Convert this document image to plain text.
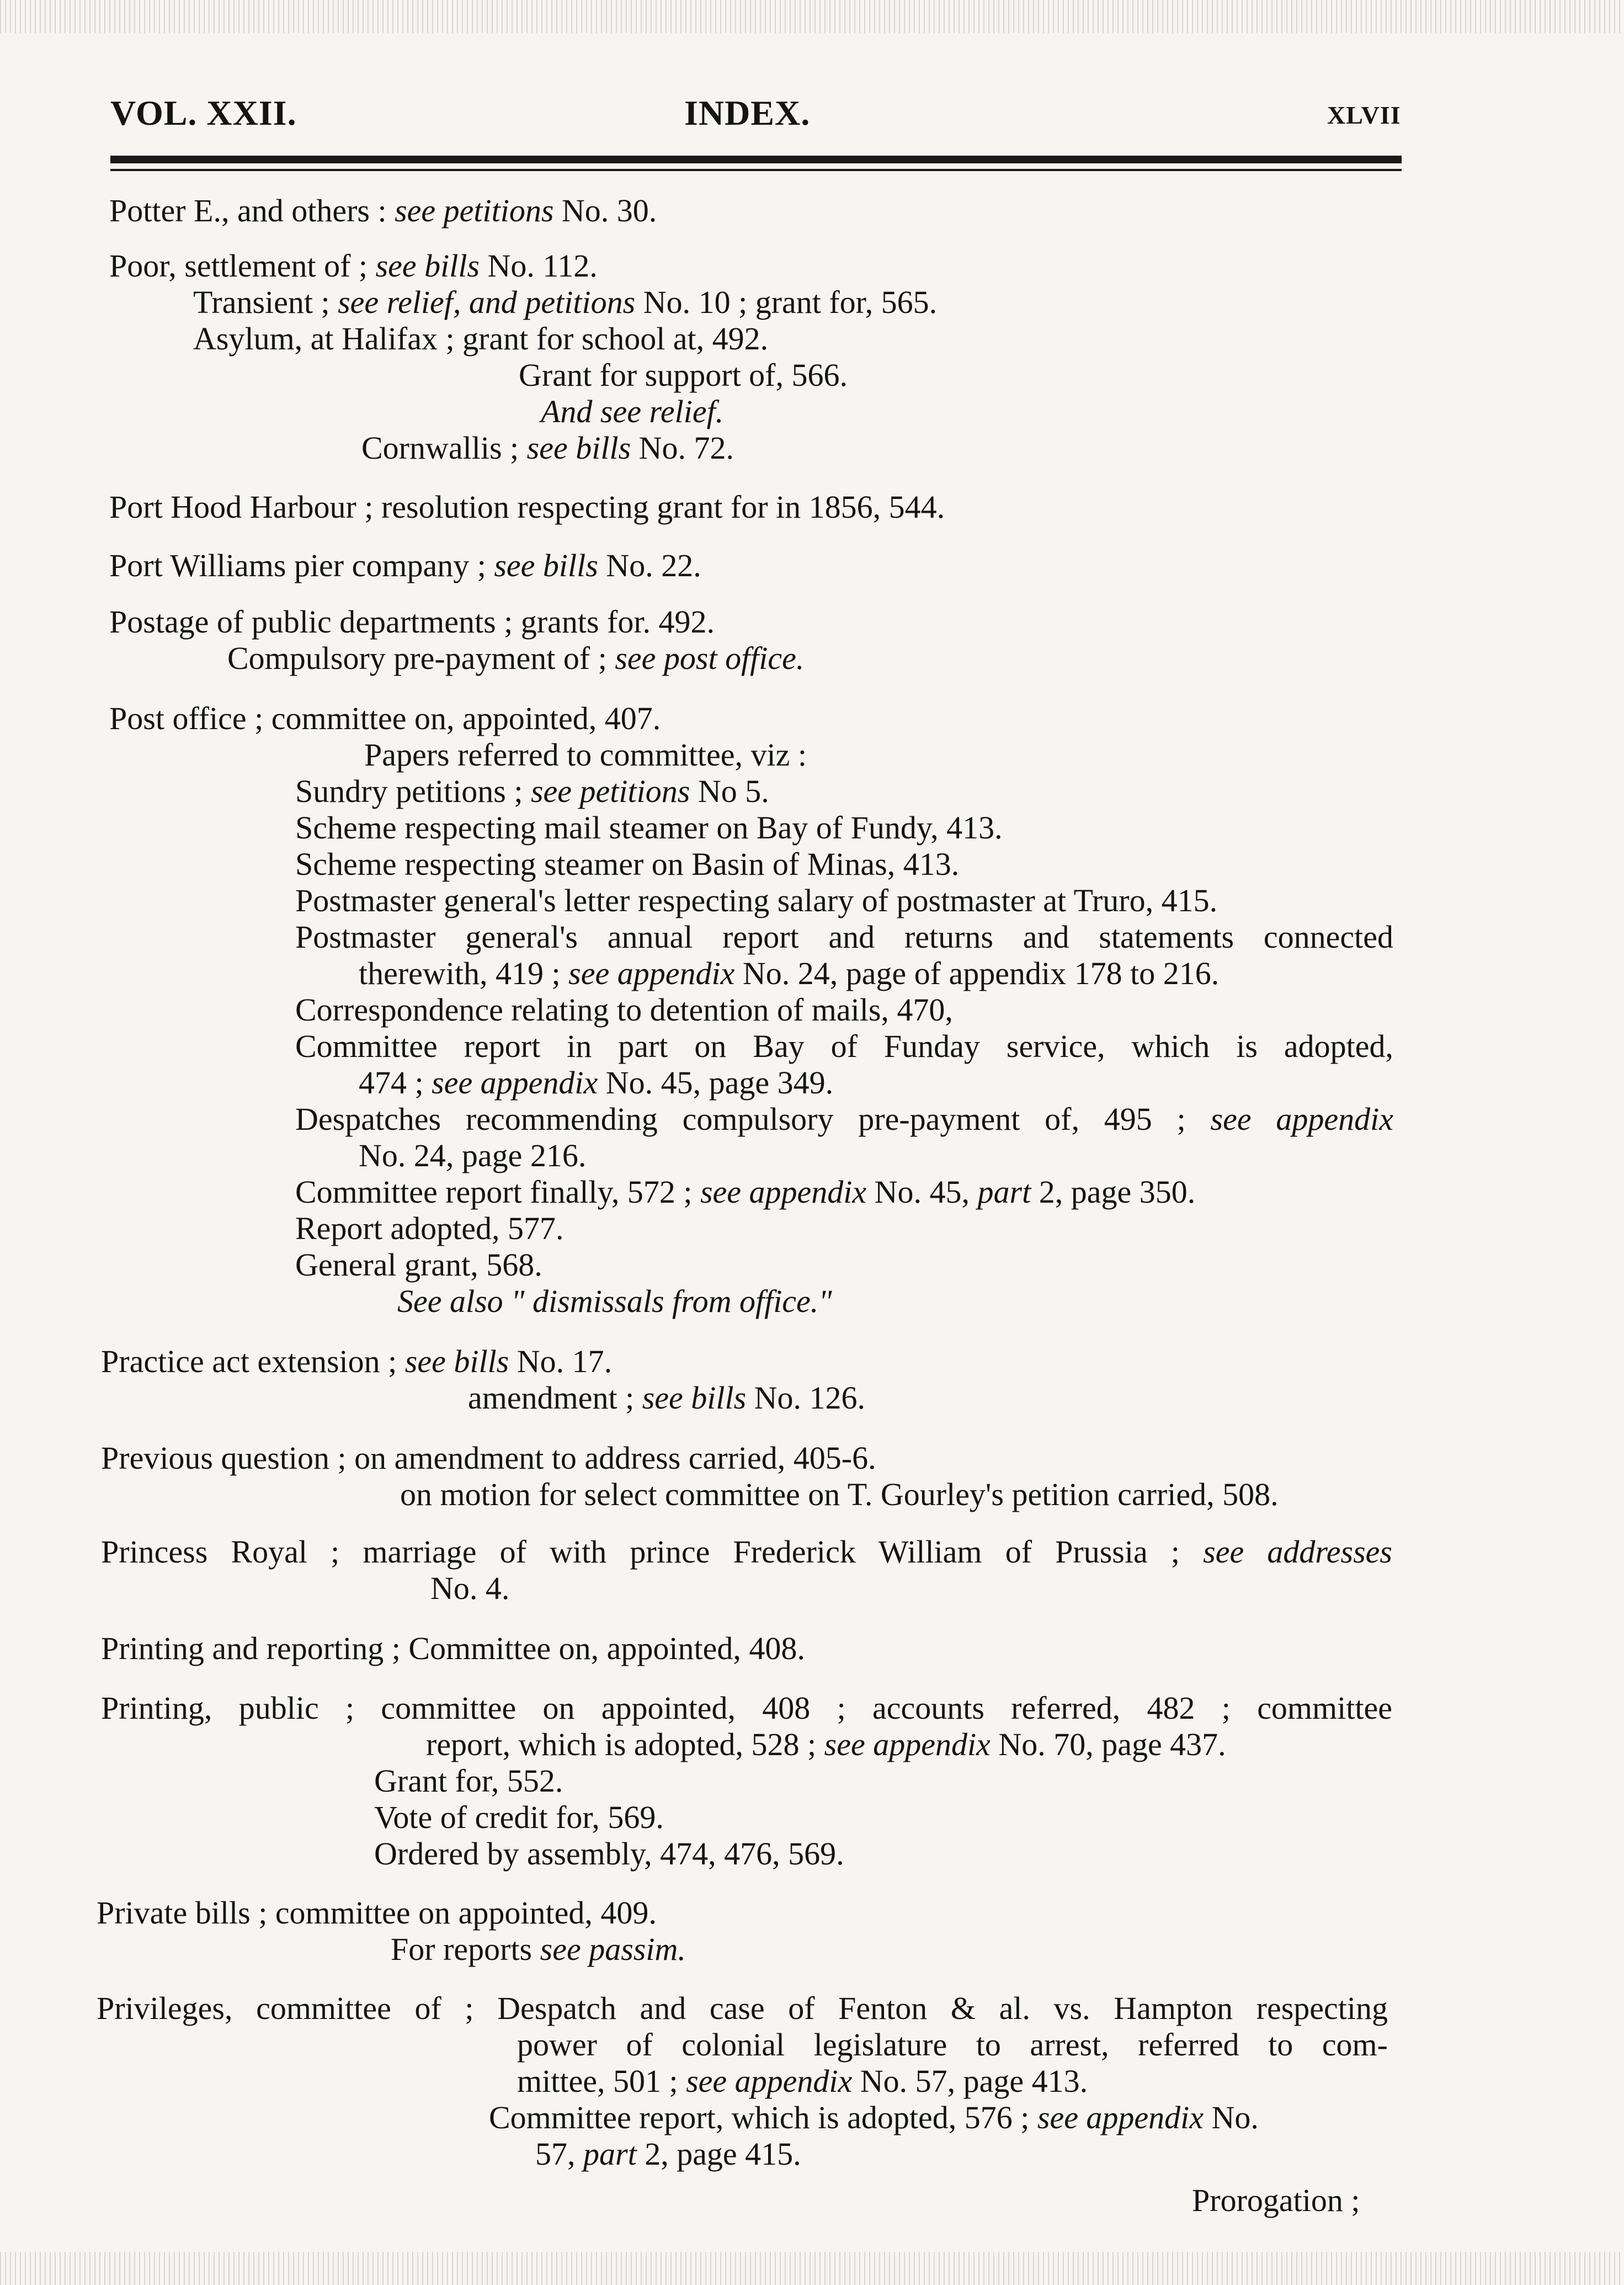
VOL. XXII.	INDEX.	XLVII
Potter E., and others : see petitions No. 30.
Poor, settlement of ; see bills No. 112.
Transient ; see relief, and petitions No. 10 ; grant for, 565.
Asylum, at Halifax ; grant for school at, 492.
Grant for support of, 566.
And see relief.
Cornwallis ; see bills No. 72.
Port Hood Harbour ; resolution respecting grant for in 1856, 544.
Port Williams pier company ; see bills No. 22.
Postage of public departments ; grants for. 492.
Compulsory pre-payment of ; see post office.
Post office ; committee on, appointed, 407.
Papers referred to committee, viz :
Sundry petitions ; see petitions No 5.
Scheme respecting mail steamer on Bay of Fundy, 413.
Scheme respecting steamer on Basin of Minas, 413.
Postmaster general's letter respecting salary of postmaster at Truro, 415.
Postmaster general's annual report and returns and statements connected
therewith, 419 ; see appendix No. 24, page of appendix 178 to 216.
Correspondence relating to detention of mails, 470,
Committee report in part on Bay of Funday service, which is adopted,
474 ; see appendix No. 45, page 349.
Despatches recommending compulsory pre-payment of, 495 ; see appendix
No. 24, page 216.
Committee report finally, 572 ; see appendix No. 45, part 2, page 350.
Report adopted, 577.
General grant, 568.
See also " dismissals from office."
Practice act extension ; see bills No. 17.
amendment ; see bills No. 126.
Previous question ; on amendment to address carried, 405-6.
on motion for select committee on T. Gourley's petition carried, 508.
Princess Royal ; marriage of with prince Frederick William of Prussia ; see addresses
No. 4.
Printing and reporting ; Committee on, appointed, 408.
Printing, public ; committee on appointed, 408 ; accounts referred, 482 ; committee
report, which is adopted, 528 ; see appendix No. 70, page 437.
Grant for, 552.
Vote of credit for, 569.
Ordered by assembly, 474, 476, 569.
Private bills ; committee on appointed, 409.
For reports see passim.
Privileges, committee of ; Despatch and case of Fenton & al. vs. Hampton respecting
power of colonial legislature to arrest, referred to com-
mittee, 501 ; see appendix No. 57, page 413.
Committee report, which is adopted, 576 ; see appendix No.
57, part 2, page 415.
Prorogation ;
